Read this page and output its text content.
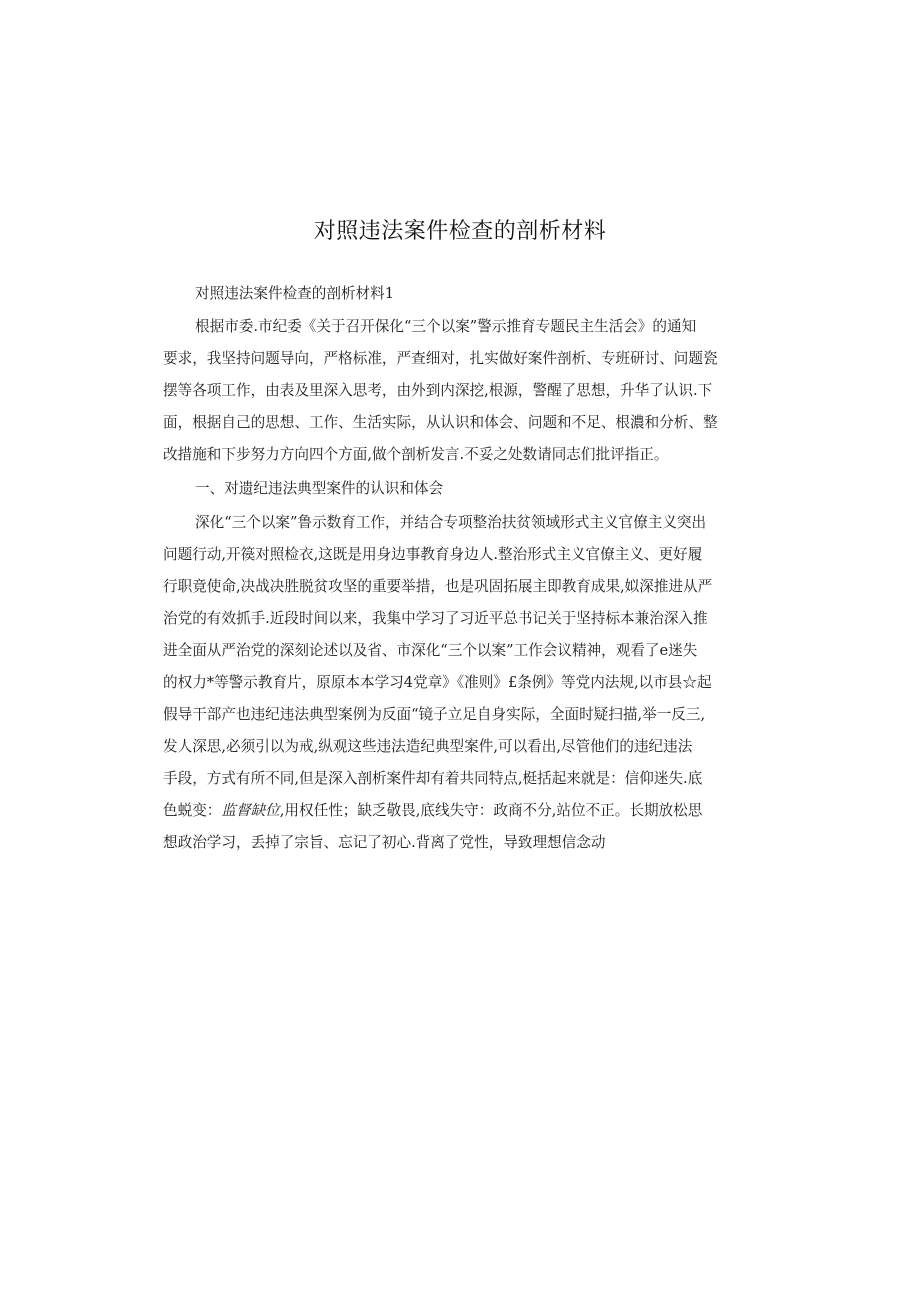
对照违法案件检查的剖析材料
对照违法案件检查的剖析材料1
根据市委.市纪委《关于召开保化“三个以案”警示推育专题民主生活会》的通知
要求，我坚持问题导向，严格标准，严查细对，扎实做好案件剖析、专班研讨、问题瓷
摆等各项工作，由表及里深入思考，由外到内深挖,根源，警醒了思想，升华了认识.下
面，根据自己的思想、工作、生活实际，从认识和体会、问题和不足、根濃和分析、整
改措施和下步努力方向四个方面,做个剖析发言.不妥之处数请同志们批评指正。
一、对遗纪违法典型案件的认识和体会
深化“三个以案”鲁示数育工作，并结合专项整治扶贫领域形式主义官僚主义突出
问题行动,开篌对照检衣,这既是用身边事教育身边人.整治形式主义官僚主义、更好履
行职竟使命,决战决胜脱贫攻坚的重要举措，也是巩固拓展主即教育成果,姒深推进从严
治党的有效抓手.近段时间以来，我集中学习了习近平总书记关于坚持标本兼治深入推
进全面从严治党的深刻论述以及省、市深化“三个以案”工作会议精神，观看了e迷失
的权力*等警示教育片，原原本本学习4党章》《准则》£条例》等党内法规,以市县☆起
假导干部产也违纪违法典型案例为反面“镜子立足自身实际，全面时疑扫描,举一反三,
发人深思,必须引以为戒,纵观这些违法造纪典型案件,可以看出,尽管他们的违纪违法
手段，方式有所不同,但是深入剖析案件却有着共同特点,梃括起来就是：信仰迷失.底
色蜕变：监督缺位,用权任性；缺乏敬畏,底线失守：政商不分,站位不正。长期放松思
想政治学习，丢掉了宗旨、忘记了初心.背离了党性，导致理想信念动
